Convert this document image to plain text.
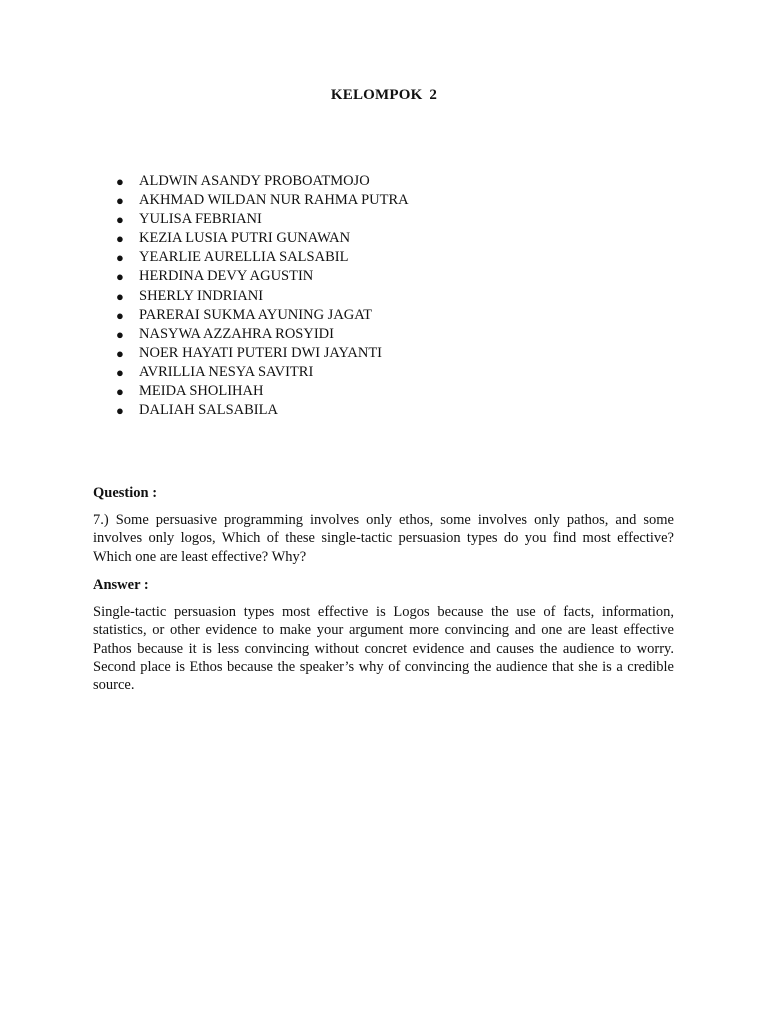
KELOMPOK 2
● ALDWIN ASANDY PROBOATMOJO
● AKHMAD WILDAN NUR RAHMA PUTRA
● YULISA FEBRIANI
● KEZIA LUSIA PUTRI GUNAWAN
● YEARLIE AURELLIA SALSABIL
● HERDINA DEVY AGUSTIN
● SHERLY INDRIANI
● PARERAI SUKMA AYUNING JAGAT
● NASYWA AZZAHRA ROSYIDI
● NOER HAYATI PUTERI DWI JAYANTI
● AVRILLIA NESYA SAVITRI
● MEIDA SHOLIHAH
● DALIAH SALSABILA

Question :

7.) Some persuasive programming involves only ethos, some involves only pathos, and some involves only logos, Which of these single-tactic persuasion types do you find most effective? Which one are least effective? Why?

Answer :

Single-tactic persuasion types most effective is Logos because the use of facts, information, statistics, or other evidence to make your argument more convincing and one are least effective Pathos because it is less convincing without concret evidence and causes the audience to worry. Second place is Ethos because the speaker’s why of convincing the audience that she is a credible source.
